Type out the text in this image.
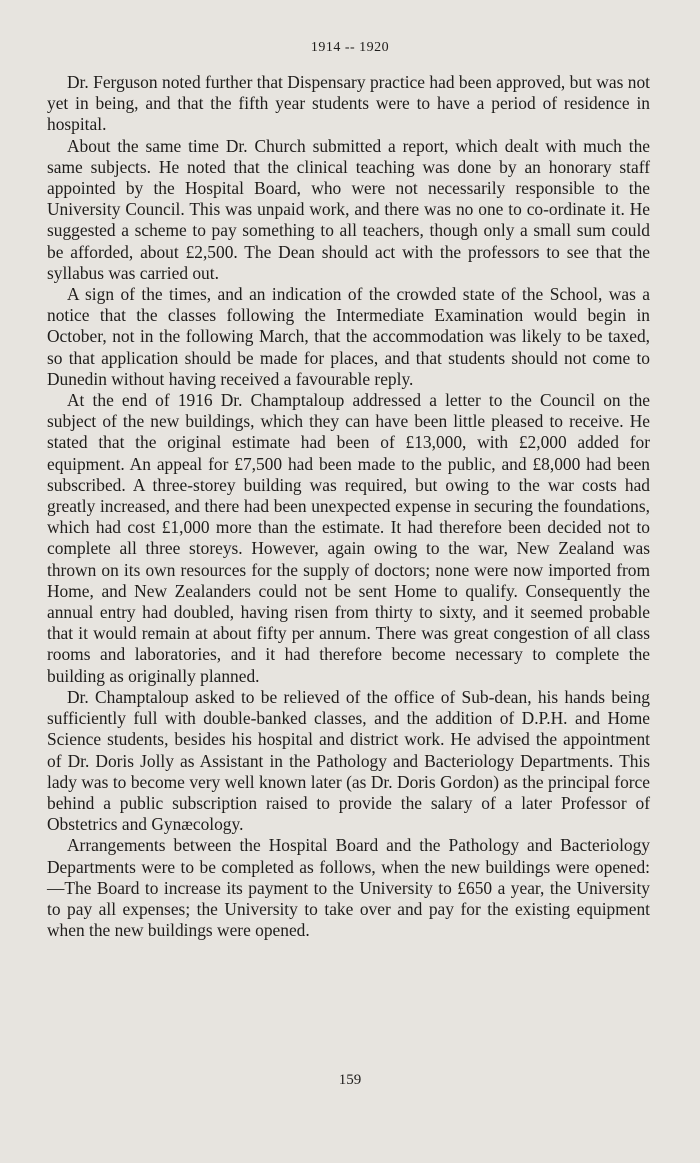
1914 -- 1920

Dr. Ferguson noted further that Dispensary practice had been approved, but was not yet in being, and that the fifth year students were to have a period of residence in hospital.

About the same time Dr. Church submitted a report, which dealt with much the same subjects. He noted that the clinical teaching was done by an honorary staff appointed by the Hospital Board, who were not necessarily responsible to the University Council. This was unpaid work, and there was no one to co-ordinate it. He suggested a scheme to pay something to all teachers, though only a small sum could be afforded, about £2,500. The Dean should act with the professors to see that the syllabus was carried out.

A sign of the times, and an indication of the crowded state of the School, was a notice that the classes following the Intermediate Examination would begin in October, not in the following March, that the accommodation was likely to be taxed, so that application should be made for places, and that students should not come to Dunedin without having received a favourable reply.

At the end of 1916 Dr. Champtaloup addressed a letter to the Council on the subject of the new buildings, which they can have been little pleased to receive. He stated that the original estimate had been of £13,000, with £2,000 added for equipment. An appeal for £7,500 had been made to the public, and £8,000 had been subscribed. A three-storey building was required, but owing to the war costs had greatly increased, and there had been unexpected expense in securing the foundations, which had cost £1,000 more than the estimate. It had therefore been decided not to complete all three storeys. However, again owing to the war, New Zealand was thrown on its own resources for the supply of doctors; none were now imported from Home, and New Zealanders could not be sent Home to qualify. Consequently the annual entry had doubled, having risen from thirty to sixty, and it seemed probable that it would remain at about fifty per annum. There was great congestion of all class rooms and laboratories, and it had therefore become necessary to complete the building as originally planned.

Dr. Champtaloup asked to be relieved of the office of Sub-dean, his hands being sufficiently full with double-banked classes, and the addition of D.P.H. and Home Science students, besides his hospital and district work. He advised the appointment of Dr. Doris Jolly as Assistant in the Pathology and Bacteriology Departments. This lady was to become very well known later (as Dr. Doris Gordon) as the principal force behind a public subscription raised to provide the salary of a later Professor of Obstetrics and Gynæcology.

Arrangements between the Hospital Board and the Pathology and Bacteriology Departments were to be completed as follows, when the new buildings were opened:—The Board to increase its payment to the University to £650 a year, the University to pay all expenses; the University to take over and pay for the existing equipment when the new buildings were opened.

159
